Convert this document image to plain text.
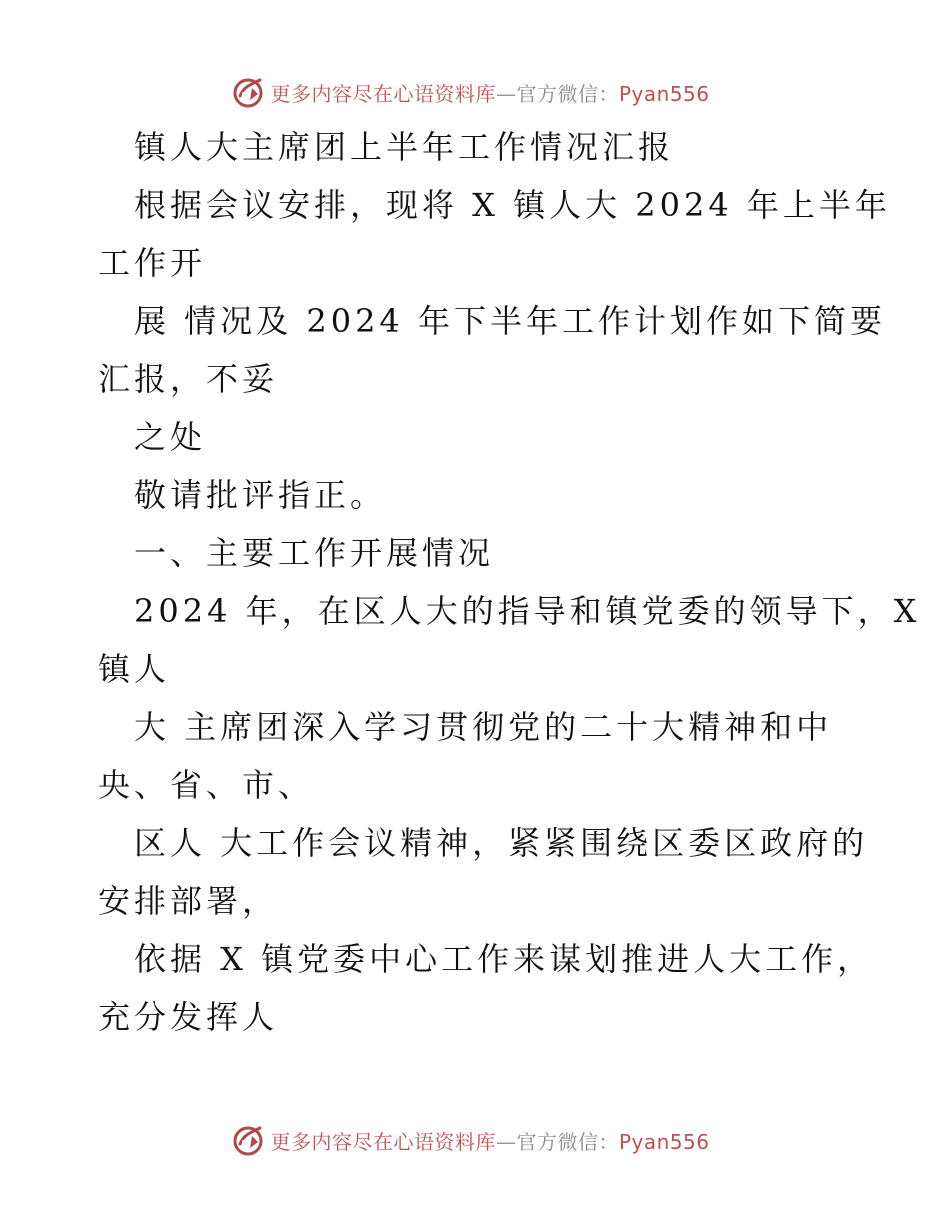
更多内容尽在心语资料库—官方微信：Pyan556
镇人大主席团上半年工作情况汇报
根据会议安排，现将 X 镇人大 2024 年上半年
工作开
展 情况及 2024 年下半年工作计划作如下简要
汇报，不妥
之处
敬请批评指正。
一、主要工作开展情况
2024 年，在区人大的指导和镇党委的领导下，X
镇人
大 主席团深入学习贯彻党的二十大精神和中
央、省、市、
区人 大工作会议精神，紧紧围绕区委区政府的
安排部署，
依据 X 镇党委中心工作来谋划推进人大工作，
充分发挥人
更多内容尽在心语资料库—官方微信：Pyan556
